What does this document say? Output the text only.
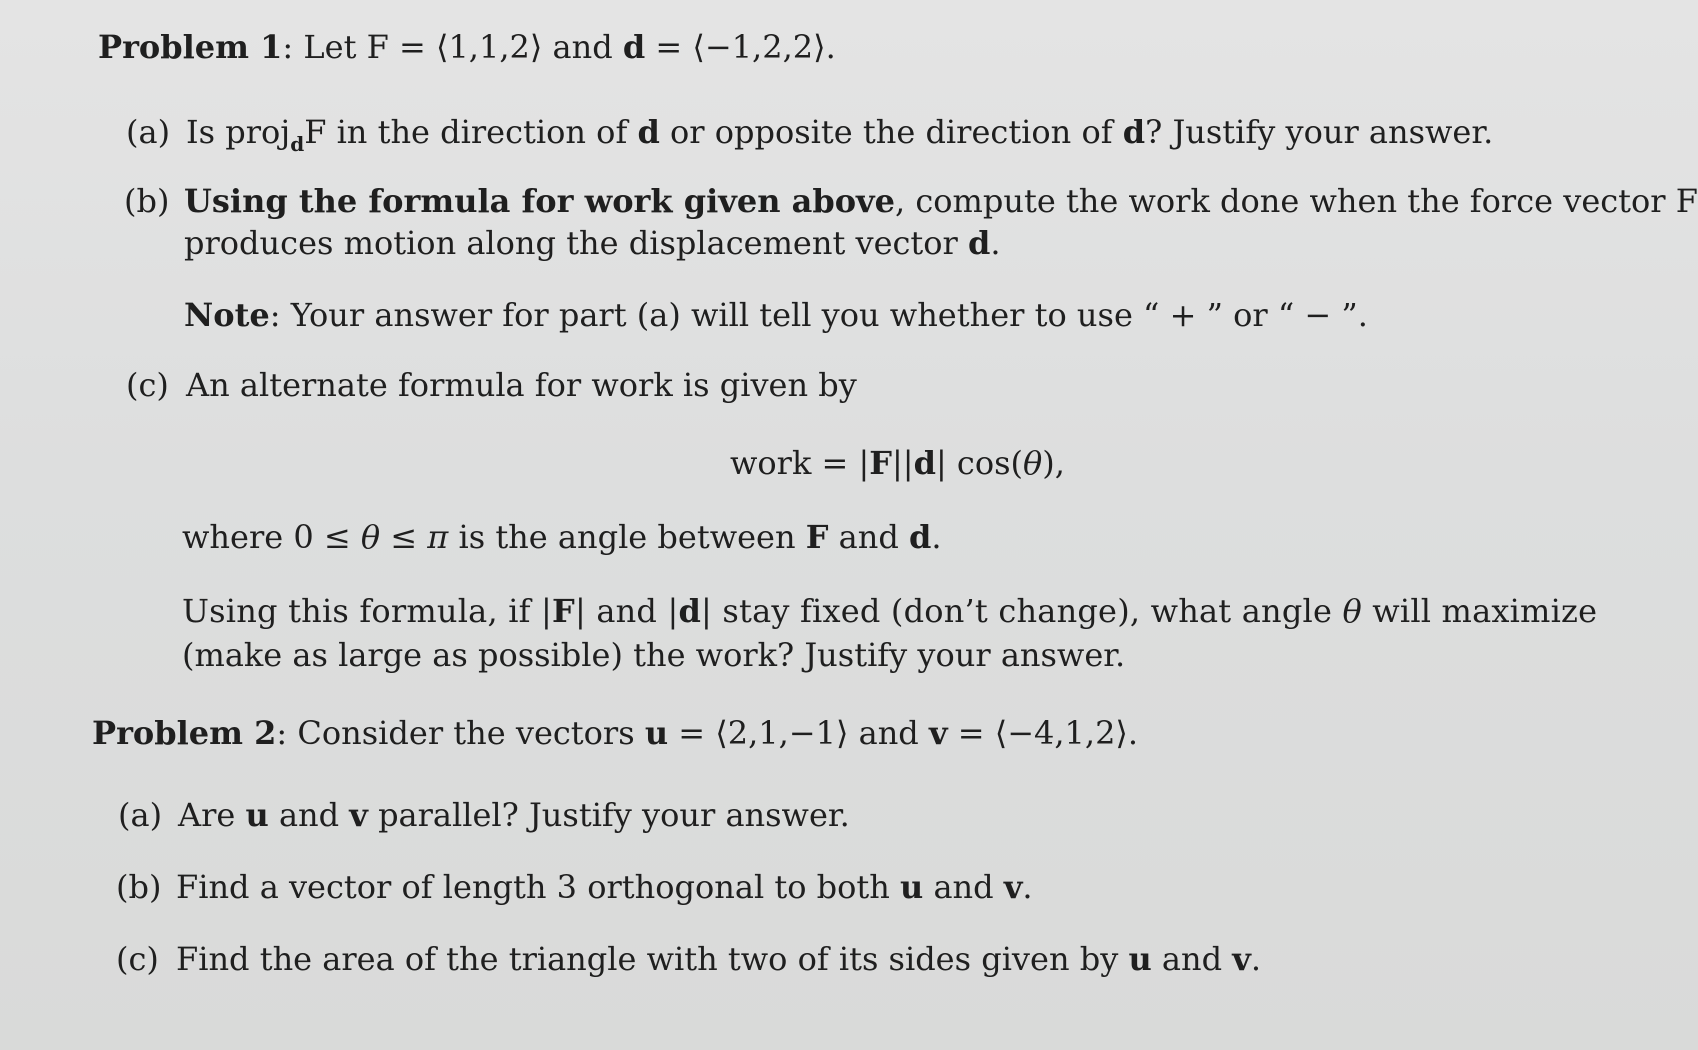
Problem 1: Let F = ⟨1,1,2⟩ and d = ⟨−1,2,2⟩.
(a) Is proj$_d$F in the direction of d or opposite the direction of d? Justify your answer.
(b) Using the formula for work given above, compute the work done when the force vector F
produces motion along the displacement vector d.
Note: Your answer for part (a) will tell you whether to use “ + ” or “ − ”.
(c) An alternate formula for work is given by
work = |F||d| cos(θ),
where 0 ≤ θ ≤ π is the angle between F and d.
Using this formula, if |F| and |d| stay fixed (don’t change), what angle θ will maximize
(make as large as possible) the work? Justify your answer.
Problem 2: Consider the vectors u = ⟨2,1,−1⟩ and v = ⟨−4,1,2⟩.
(a) Are u and v parallel? Justify your answer.
(b) Find a vector of length 3 orthogonal to both u and v.
(c) Find the area of the triangle with two of its sides given by u and v.
